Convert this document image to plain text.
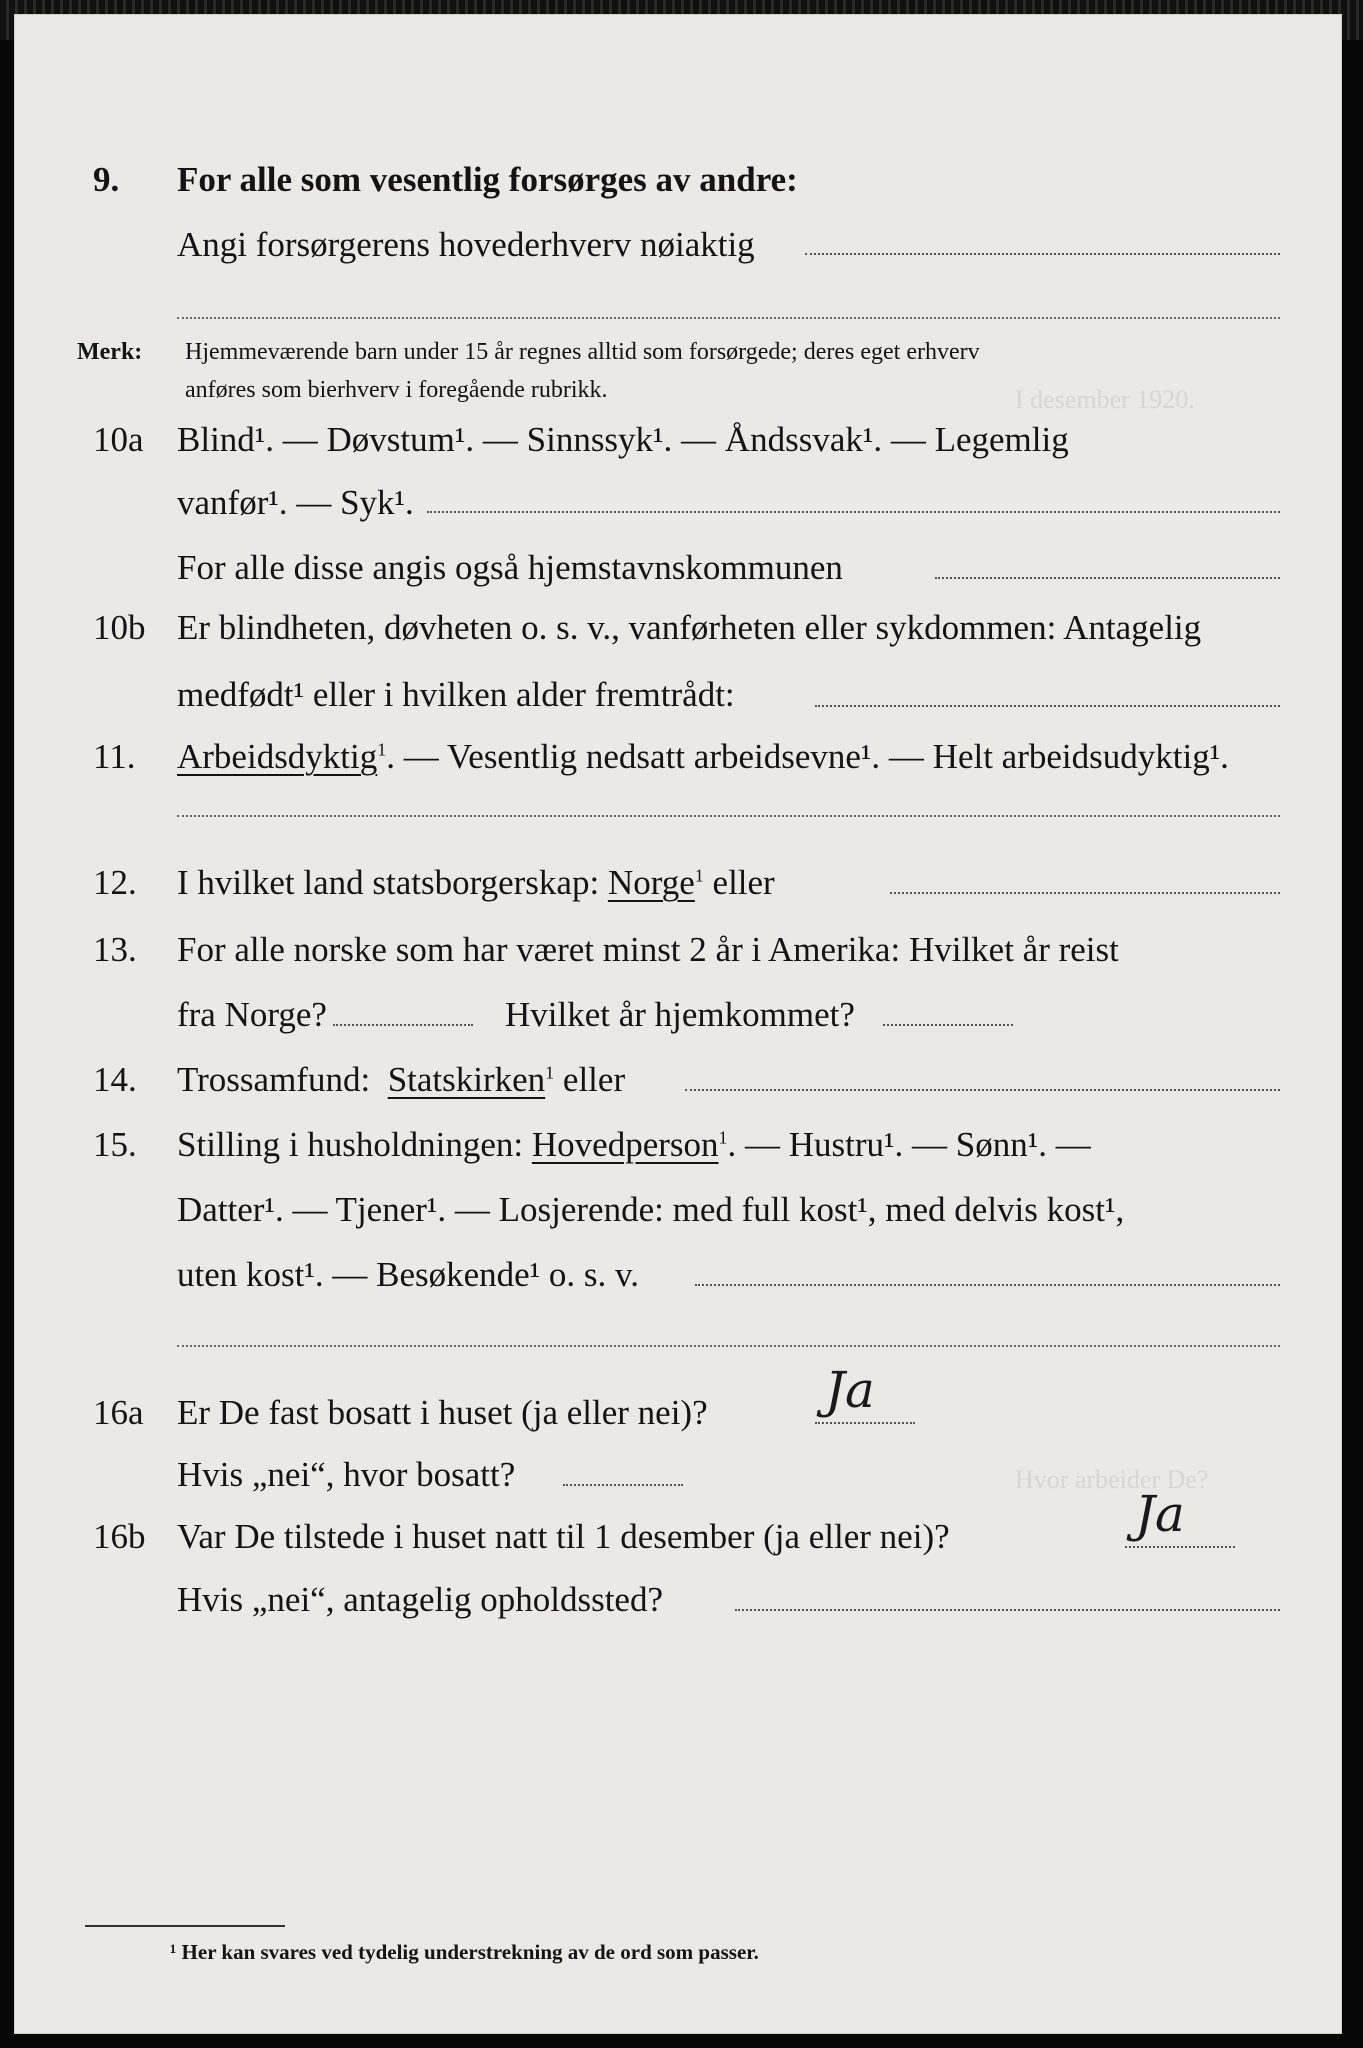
I desember 1920.
Hvor arbeider De?
9. For alle som vesentlig forsørges av andre:
Angi forsørgerens hovederhverv nøiaktig
Merk: Hjemmeværende barn under 15 år regnes alltid som forsørgede; deres eget erhverv
anføres som bierhverv i foregående rubrikk.
10a Blind¹. — Døvstum¹. — Sinnssyk¹. — Åndssvak¹. — Legemlig
vanfør¹. — Syk¹.
For alle disse angis også hjemstavnskommunen
10b Er blindheten, døvheten o. s. v., vanførheten eller sykdommen: Antagelig
medfødt¹ eller i hvilken alder fremtrådt:
11. Arbeidsdyktig$^1$. — Vesentlig nedsatt arbeidsevne¹. — Helt arbeidsudyktig¹.
12. I hvilket land statsborgerskap: Norge$^1$ eller
13. For alle norske som har været minst 2 år i Amerika: Hvilket år reist
fra Norge?	Hvilket år hjemkommet?
14. Trossamfund: Statskirken$^1$ eller
15. Stilling i husholdningen: Hovedperson$^1$. — Hustru¹. — Sønn¹. —
Datter¹. — Tjener¹. — Losjerende: med full kost¹, med delvis kost¹,
uten kost¹. — Besøkende¹ o. s. v.
16a Er De fast bosatt i huset (ja eller nei)? Ja
Hvis „nei“, hvor bosatt?
16b Var De tilstede i huset natt til 1 desember (ja eller nei)?	Ja
Hvis „nei“, antagelig opholdssted?
¹ Her kan svares ved tydelig understrekning av de ord som passer.
